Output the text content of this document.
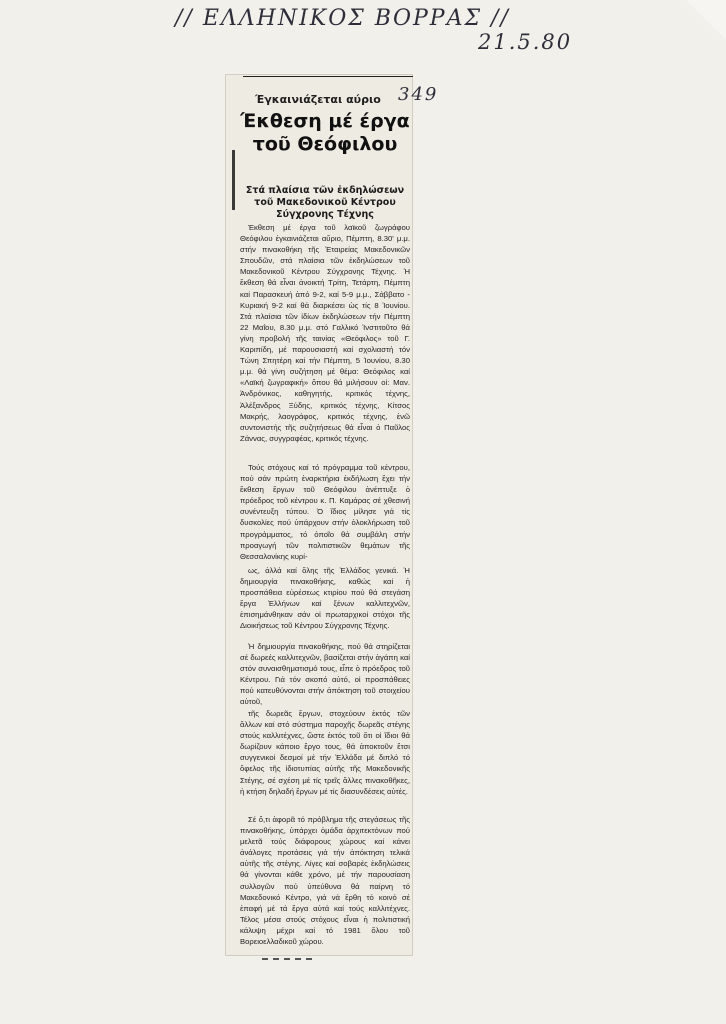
// ΕΛΛΗΝΙΚΟΣ ΒΟΡΡΑΣ //
21.5.80
Έγκαινιάζεται αύριο 349
Έκθεση μέ έργα τοῦ Θεόφιλου
Στά πλαίσια τῶν ἐκδηλώσεων τοῦ Μακεδονικοῦ Κέντρου Σύγχρονης Τέχνης
Έκθεση μέ έργα τοῦ λαϊκοῦ ζωγράφου Θεόφιλου ἐγκαινιάζεται αὔριο, Πέμπτη, 8.30' μ.μ. στήν πινακοθήκη τῆς Ἑταιρείας Μακεδονικῶν Σπουδῶν, στά πλαίσια τῶν ἐκδηλώσεων τοῦ Μακεδονικοῦ Κέντρου Σύγχρονης Τέχνης. Ἡ ἔκθεση θά εἶναι ἀνοικτή Τρίτη, Τετάρτη, Πέμπτη καί Παρασκευή ἀπό 9-2, καί 5-9 μ.μ., Σάββατο - Κυριακή 9-2 καί θά διαρκέσει ὡς τίς 8 Ἰουνίου. Στά πλαίσια τῶν ἰδίων ἐκδηλώσεων τήν Πέμπτη 22 Μαΐου, 8.30 μ.μ. στό Γαλλικό Ἰνστιτοῦτο θά γίνη προβολή τῆς ταινίας «Θεόφιλος» τοῦ Γ. Καριπίδη, μέ παρουσιαστή καί σχολιαστή τόν Τώνη Σπητέρη καί τήν Πέμπτη, 5 Ἰουνίου, 8.30 μ.μ. θά γίνη συζήτηση μέ θέμα: Θεόφιλος καί «Λαϊκή ζωγραφική» ὅπου θά μιλήσουν οἱ: Μαν. Ἀνδρόνικος, καθηγητής, κριτικός τέχνης, Ἀλέξανδρος Ξύδης, κριτικός τέχνης, Κίτσος Μακρής, λαογράφος, κριτικός τέχνης, ἐνῶ συντονιστής τῆς συζητήσεως θά εἶναι ὁ Παῦλος Ζάννας, συγγραφέας, κριτικός τέχνης.
Τούς στόχους καί τό πρόγραμμα τοῦ κέντρου, πού σάν πρώτη ἐναρκτήρια ἐκδήλωση ἔχει τήν ἔκθεση ἔργων τοῦ Θεόφιλου ἀνέπτυξε ὁ πρόεδρος τοῦ κέντρου κ. Π. Καμάρας σέ χθεσινή συνέντευξη τύπου. Ὁ ἴδιος μίλησε γιά τίς δυσκολίες πού ὑπάρχουν στήν ὁλοκλήρωση τοῦ προγράμματος, τό ὁποῖο θά συμβάλη στήν προαγωγή τῶν πολιτιστικῶν θεμάτων τῆς Θεσσαλονίκης κυρί-
ως, ἀλλά καί ὅλης τῆς Ἑλλάδος γενικά. Ἡ δημιουργία πινακοθήκης, καθώς καί ἡ προσπάθεια εὑρέσεως κτιρίου πού θά στεγάση ἔργα Ἑλλήνων καί ξένων καλλιτεχνῶν, ἐπισημάνθηκαν σάν οἱ πρωταρχικοί στόχοι τῆς Διοικήσεως τοῦ Κέντρου Σύγχρονης Τέχνης.
Ἡ δημιουργία πινακοθήκης, πού θά στηρίζεται σέ δωρεές καλλιτεχνῶν, βασίζεται στήν ἀγάπη καί στόν συναισθηματισμό τους, εἶπε ὁ πρόεδρος τοῦ Κέντρου. Γιά τόν σκοπό αὐτό, οἱ προσπάθειες πού κατευθύνονται στήν ἀπόκτηση τοῦ στοιχείου αὐτοῦ,
τῆς δωρεᾶς ἔργων, στοχεύουν ἐκτός τῶν ἄλλων καί στό σύστημα παροχῆς δωρεᾶς στέγης στούς καλλιτέχνες, ὥστε ἐκτός τοῦ ὅτι οἱ ἴδιοι θά δωρίζουν κάποιο ἔργο τους, θά ἀποκτοῦν ἔτσι συγγενικοί δεσμοί μέ τήν Ἑλλάδα μέ διπλό τό ὄφελος τῆς ἰδιοτυπίας αὐτῆς τῆς Μακεδονικῆς Στέγης, σέ σχέση μέ τίς τρεῖς ἄλλες πινακοθῆκες, ἡ κτήση δηλαδή ἔργων μέ τίς διασυνδέσεις αὐτές.
Σέ ὅ,τι ἀφορᾶ τό πρόβλημα τῆς στεγάσεως τῆς πινακοθήκης, ὑπάρχει ὁμάδα ἀρχιτεκτόνων πού μελετᾶ τούς διάφορους χώρους καί κάνει ἀνάλογες προτάσεις γιά τήν ἀπόκτηση τελικά αὐτῆς τῆς στέγης. Λίγες καί σοβαρές ἐκδηλώσεις θά γίνονται κάθε χρόνο, μέ τήν παρουσίαση συλλογῶν πού ὑπεύθυνα θά παίρνη τό Μακεδονικό Κέντρο, γιά νά ἔρθη τό κοινό σέ ἐπαφή μέ τά ἔργα αὐτά καί τούς καλλιτέχνες. Τέλος μέσα στούς στόχους εἶναι ἡ πολιτιστική κάλυψη μέχρι καί τό 1981 ὅλου τοῦ Βορειοελλαδικοῦ χώρου.
